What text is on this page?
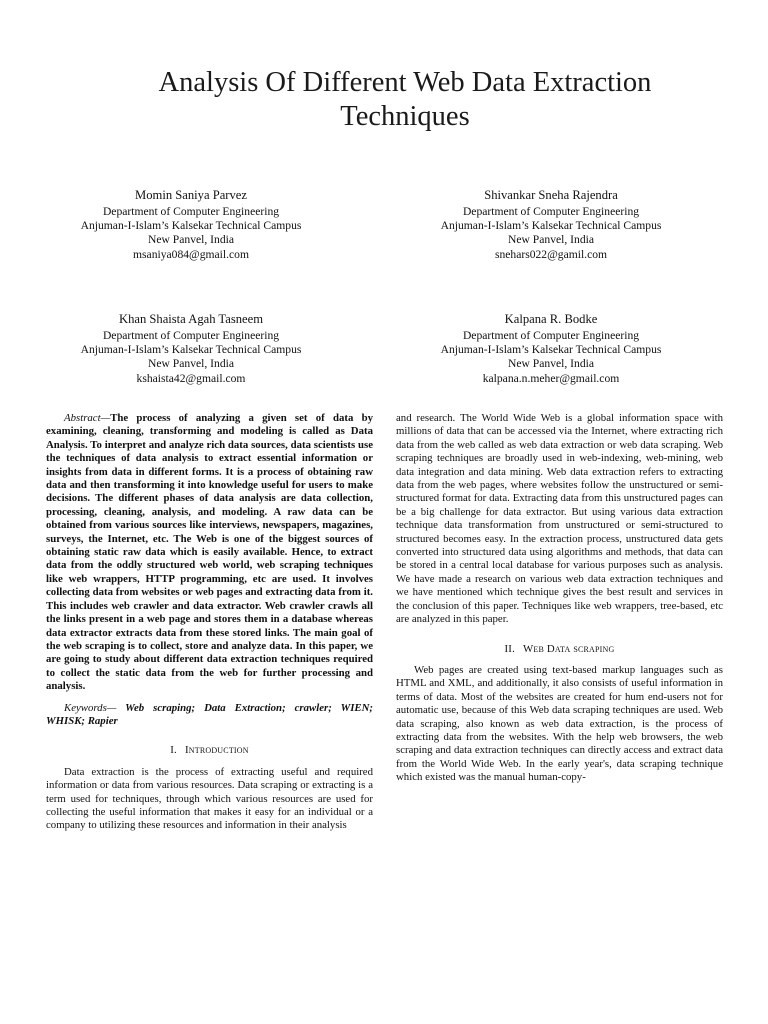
Analysis Of Different Web Data Extraction Techniques
Momin Saniya Parvez
Department of Computer Engineering
Anjuman-I-Islam’s Kalsekar Technical Campus
New Panvel, India
msaniya084@gmail.com
Shivankar Sneha Rajendra
Department of Computer Engineering
Anjuman-I-Islam’s Kalsekar Technical Campus
New Panvel, India
snehars022@gamil.com
Khan Shaista Agah Tasneem
Department of Computer Engineering
Anjuman-I-Islam’s Kalsekar Technical Campus
New Panvel, India
kshaista42@gmail.com
Kalpana R. Bodke
Department of Computer Engineering
Anjuman-I-Islam’s Kalsekar Technical Campus
New Panvel, India
kalpana.n.meher@gmail.com

Abstract—The process of analyzing a given set of data by examining, cleaning, transforming and modeling is called as Data Analysis. To interpret and analyze rich data sources, data scientists use the techniques of data analysis to extract essential information or insights from data in different forms. It is a process of obtaining raw data and then transforming it into knowledge useful for users to make decisions. The different phases of data analysis are data collection, processing, cleaning, analysis, and modeling. A raw data can be obtained from various sources like interviews, newspapers, magazines, surveys, the Internet, etc. The Web is one of the biggest sources of obtaining static raw data which is easily available. Hence, to extract data from the oddly structured web world, web scraping techniques like web wrappers, HTTP programming, etc are used. It involves collecting data from websites or web pages and extracting data from it. This includes web crawler and data extractor. Web crawler crawls all the links present in a web page and stores them in a database whereas data extractor extracts data from these stored links. The main goal of the web scraping is to collect, store and analyze data. In this paper, we are going to study about different data extraction techniques required to collect the static data from the web for further processing and analysis.

Keywords— Web scraping; Data Extraction; crawler; WIEN; WHISK; Rapier

I. Introduction

Data extraction is the process of extracting useful and required information or data from various resources. Data scraping or extracting is a term used for techniques, through which various resources are used for collecting the useful information that makes it easy for an individual or a company to utilizing these resources and information in their analysis

and research. The World Wide Web is a global information space with millions of data that can be accessed via the Internet, where extracting rich data from the web called as web data extraction or web data scraping. Web scraping techniques are broadly used in web-indexing, web-mining, web data integration and data mining. Web data extraction refers to extracting data from the web pages, where websites follow the unstructured or semi-structured format for data. Extracting data from this unstructured pages can be a big challenge for data extractor. But using various data extraction technique data transformation from unstructured or semi-structured to structured becomes easy. In the extraction process, unstructured data gets converted into structured data using algorithms and methods, that data can be stored in a central local database for various purposes such as analysis. We have made a research on various web data extraction techniques and we have mentioned which technique gives the best result and services in the conclusion of this paper. Techniques like web wrappers, tree-based, etc are analyzed in this paper.

II. Web Data scraping

Web pages are created using text-based markup languages such as HTML and XML, and additionally, it also consists of useful information in terms of data. Most of the websites are created for hum end-users not for automatic use, because of this Web data scraping techniques are used. Web data scraping, also known as web data extraction, is the process of extracting data from the websites. With the help web browsers, the web scraping and data extraction techniques can directly access and extract data from the World Wide Web. In the early year's, data scraping technique which existed was the manual human-copy-
